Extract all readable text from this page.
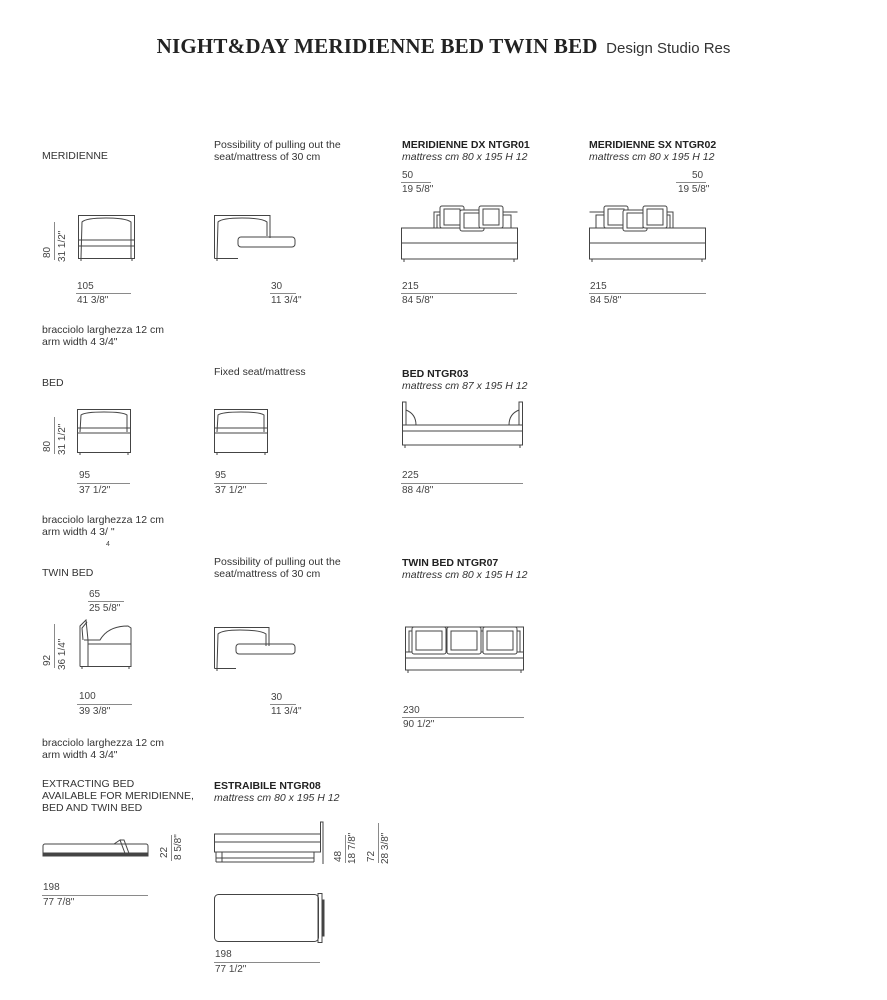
NIGHT&DAY MERIDIENNE BED TWIN BED Design Studio Res
MERIDIENNE
80 31 1/2"
105
41 3/8"
Possibility of pulling out the
seat/mattress of 30 cm
30
11 3/4"
MERIDIENNE DX NTGR01
mattress cm 80 x 195 H 12
50
19 5/8"
215
84 5/8"
MERIDIENNE SX NTGR02
mattress cm 80 x 195 H 12
50
19 5/8"
215
84 5/8"
bracciolo larghezza 12 cm
arm width 4 3/4"
BED
80 31 1/2"
95
37 1/2"
Fixed seat/mattress
95
37 1/2"
BED NTGR03
mattress cm 87 x 195 H 12
225
88 4/8"
bracciolo larghezza 12 cm
arm width 4 3/ "
4
TWIN BED
65
25 5/8"
92 36 1/4"
100
39 3/8"
Possibility of pulling out the
seat/mattress of 30 cm
30
11 3/4"
TWIN BED NTGR07
mattress cm 80 x 195 H 12
230
90 1/2"
bracciolo larghezza 12 cm
arm width 4 3/4"
EXTRACTING BED
AVAILABLE FOR MERIDIENNE,
BED AND TWIN BED
22 8 5/8"
198
77 7/8"
ESTRAIBILE NTGR08
mattress cm 80 x 195 H 12
48 18 7/8" 72 28 3/8"
198
77 1/2"
